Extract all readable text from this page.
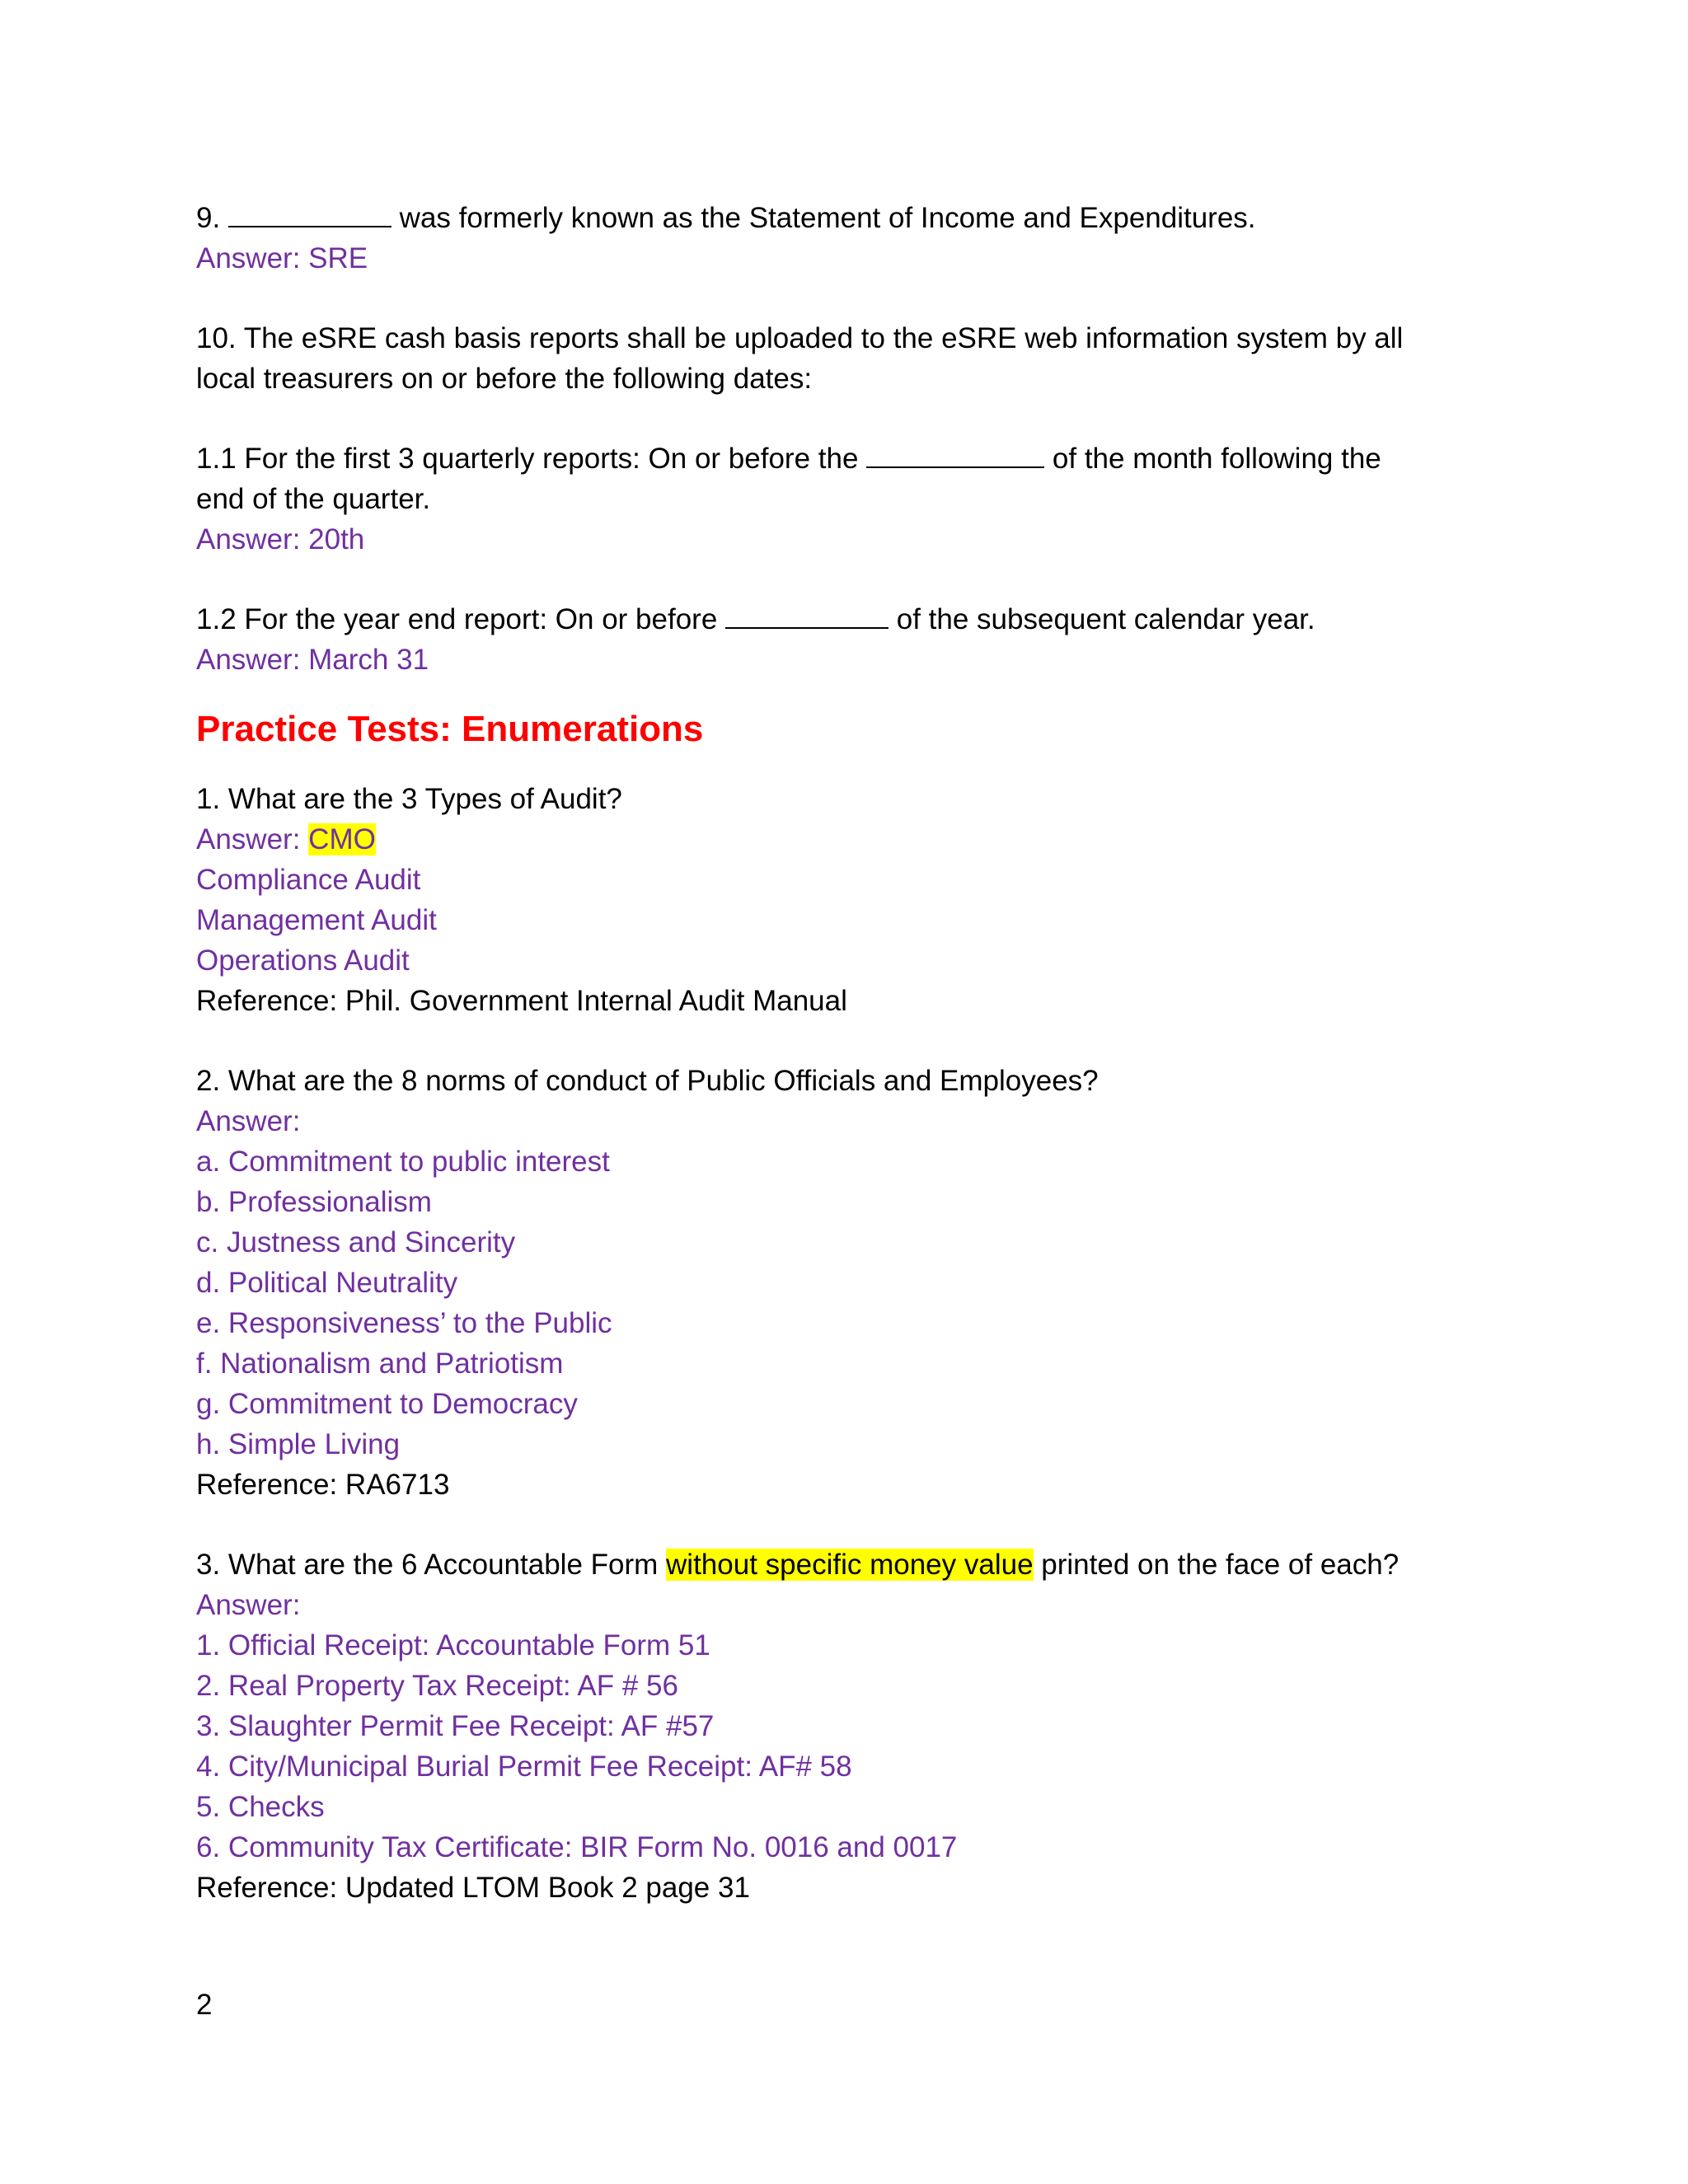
9.	was formerly known as the Statement of Income and Expenditures.
Answer: SRE
10. The eSRE cash basis reports shall be uploaded to the eSRE web information system by all local treasurers on or before the following dates:
1.1 For the first 3 quarterly reports: On or before the	of the month following the
end of the quarter.
Answer: 20th
1.2 For the year end report: On or before	of the subsequent calendar year.
Answer: March 31
Practice Tests: Enumerations
1. What are the 3 Types of Audit?
Answer: CMO
Compliance Audit
Management Audit
Operations Audit
Reference: Phil. Government Internal Audit Manual
2. What are the 8 norms of conduct of Public Officials and Employees?
Answer:
a. Commitment to public interest
b. Professionalism
c. Justness and Sincerity
d. Political Neutrality
e. Responsiveness’ to the Public
f. Nationalism and Patriotism
g. Commitment to Democracy
h. Simple Living
Reference: RA6713
3. What are the 6 Accountable Form without specific money value printed on the face of each?
Answer:
1. Official Receipt: Accountable Form 51
2. Real Property Tax Receipt: AF # 56
3. Slaughter Permit Fee Receipt: AF #57
4. City/Municipal Burial Permit Fee Receipt: AF# 58
5. Checks
6. Community Tax Certificate: BIR Form No. 0016 and 0017
Reference: Updated LTOM Book 2 page 31
2
